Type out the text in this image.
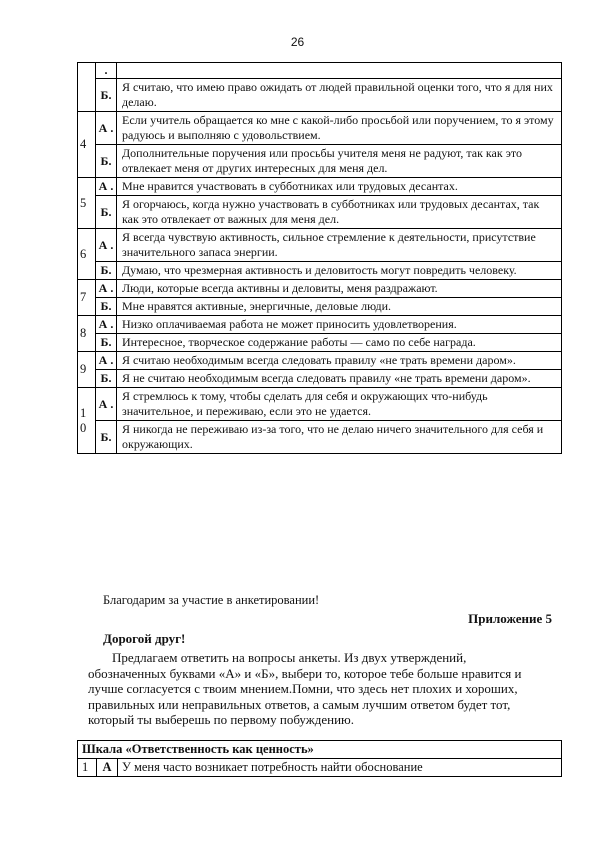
26
	.	
	Б.	Я считаю, что имею право ожидать от людей правильной оценки того, что я для них делаю.
4	А .	Если учитель обращается ко мне с какой-либо просьбой или поручением, то я этому радуюсь и выполняю с удовольствием.
	Б.	Дополнительные поручения или просьбы учителя меня не радуют, так как это отвлекает меня от других интересных для меня дел.
5	А .	Мне нравится участвовать в субботниках или трудовых десантах.
	Б.	Я огорчаюсь, когда нужно участвовать в субботниках или трудовых десантах, так как это отвлекает от важных для меня дел.
6	А .	Я всегда чувствую активность, сильное стремление к деятельности, присутствие значительного запаса энергии.
	Б.	Думаю, что чрезмерная активность и деловитость могут повредить человеку.
7	А .	Люди, которые всегда активны и деловиты, меня раздражают.
	Б.	Мне нравятся активные, энергичные, деловые люди.
8	А .	Низко оплачиваемая работа не может приносить удовлетворения.
	Б.	Интересное, творческое содержание работы — само по себе награда.
9	А .	Я считаю необходимым всегда следовать правилу «не трать времени даром».
	Б.	Я не считаю необходимым всегда следовать правилу «не трать времени даром».
1 0	А .	Я стремлюсь к тому, чтобы сделать для себя и окружающих что-нибудь значительное, и переживаю, если это не удается.
	Б.	Я никогда не переживаю из-за того, что не делаю ничего значительного для себя и окружающих.
Благодарим за участие в анкетировании!
Приложение 5
Дорогой друг!
Предлагаем ответить на вопросы анкеты. Из двух утверждений, обозначенных буквами «А» и «Б», выбери то, которое тебе больше нравится и лучше согласуется с твоим мнением.Помни, что здесь нет плохих и хороших, правильных или неправильных ответов, а самым лучшим ответом будет тот, который ты выберешь по первому побуждению.
Шкала «Ответственность как ценность»
1	А	У меня часто возникает потребность найти обоснование
